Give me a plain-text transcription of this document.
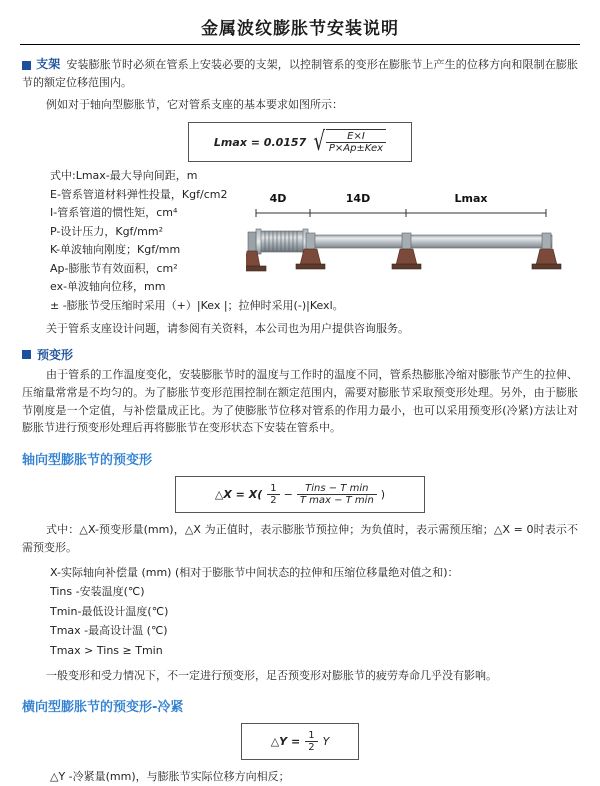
金属波纹膨胀节安装说明
支架 安装膨胀节时必须在管系上安装必要的支架，以控制管系的变形在膨胀节上产生的位移方向和限制在膨胀节的额定位移范围内。

例如对于轴向型膨胀节，它对管系支座的基本要求如图所示：

Lmax = 0.0157 √ $\frac{E\times I}{\text{P×Ap±Kex}}$

式中:Lmax-最大导向间距，m

E-管系管道材料弹性投量，Kgf/cm2

I-管系管道的惯性矩，cm⁴

P-设计压力，Kgf/mm²

K-单波轴向刚度；Kgf/mm

Ap-膨胀节有效面积，cm²

ex-单波轴向位移，mm

± -膨胀节受压缩时采用（+）|Kex |；拉伸时采用(-)|Kexl。

关于管系支座设计问题，请参阅有关资料，本公司也为用户提供咨询服务。

预变形

由于管系的工作温度变化，安装膨胀节时的温度与工作时的温度不同，管系热膨胀冷缩对膨胀节产生的拉伸、压缩量常常是不均匀的。为了膨胀节变形范围控制在额定范围内，需要对膨胀节采取预变形处理。另外，由于膨胀节刚度是一个定值，与补偿量成正比。为了使膨胀节位移对管系的作用力最小，也可以采用预变形(冷紧)方法让对膨胀节进行预变形处理后再将膨胀节在变形状态下安装在管系中。

轴向型膨胀节的预变形
△X = $X( \frac{1}{2} - \frac{\text{Tins − T min}}{\text{T max − T min}}$ )

式中：△X-预变形量(mm)，△X 为正值时，表示膨胀节预拉伸；为负值时，表示需预压缩；△X = 0时表示不需预变形。

X-实际轴向补偿量 (mm) (相对于膨胀节中间状态的拉伸和压缩位移量绝对值之和)：
Tins -安装温度(℃)
Tmin-最低设计温度(℃)
Tmax -最高设计温 (℃)
Tmax > Tins ≥ Tmin

一般变形和受力情况下，不一定进行预变形，足否预变形对膨胀节的疲劳寿命几乎没有影响。

横向型膨胀节的预变形-冷紧
△Y = $\frac{1}{2}$ Y

△Y -冷紧量(mm)，与膨胀节实际位移方向相反；

4D	14D	Lmax
